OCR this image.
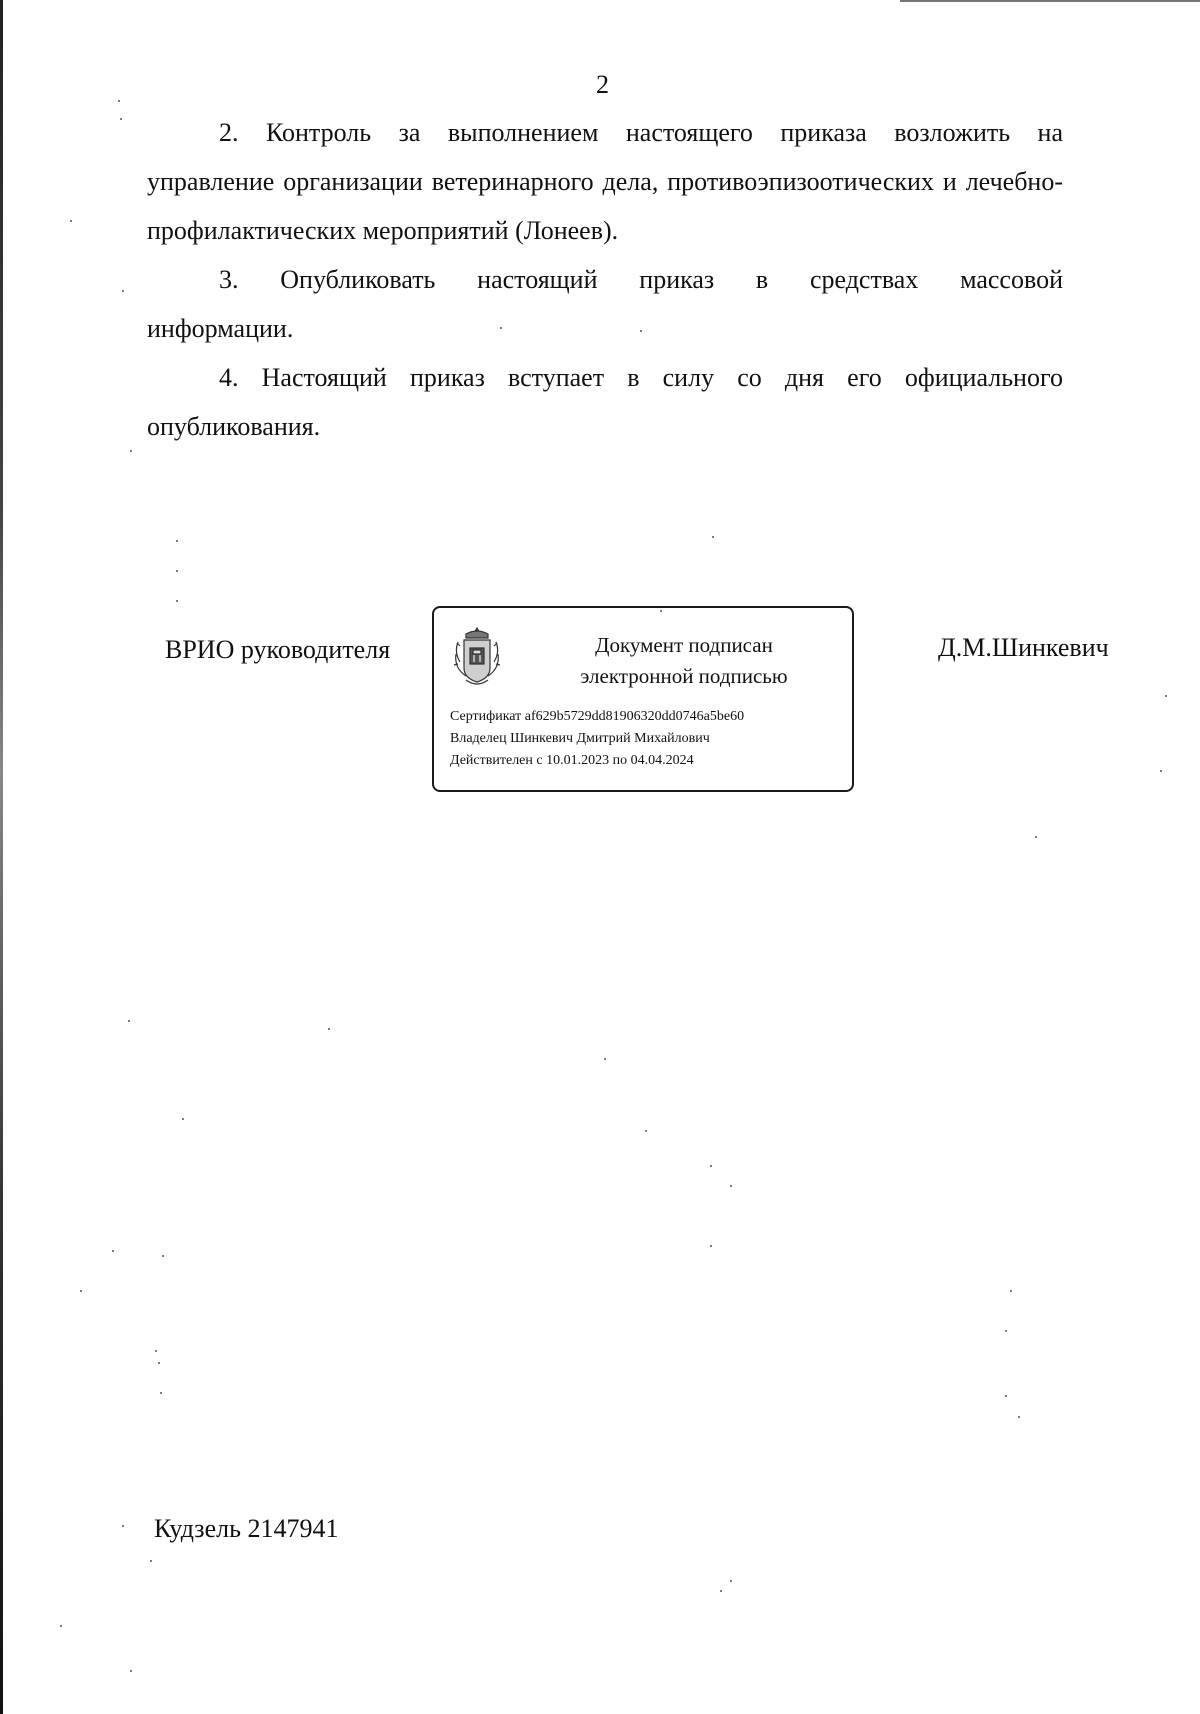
2

2. Контроль за выполнением настоящего приказа возложить на
управление организации ветеринарного дела, противоэпизоотических и лечебно-профилактических мероприятий (Лонеев).

3. Опубликовать настоящий приказ в средствах массовой
информации.

4. Настоящий приказ вступает в силу со дня его официального
опубликования.

ВРИО руководителя	Документ подписан
электронной подписью
Сертификат af629b5729dd81906320dd0746a5be60
Владелец Шинкевич Дмитрий Михайлович
Действителен с 10.01.2023 по 04.04.2024
Д.М.Шинкевич
Кудзель 2147941
